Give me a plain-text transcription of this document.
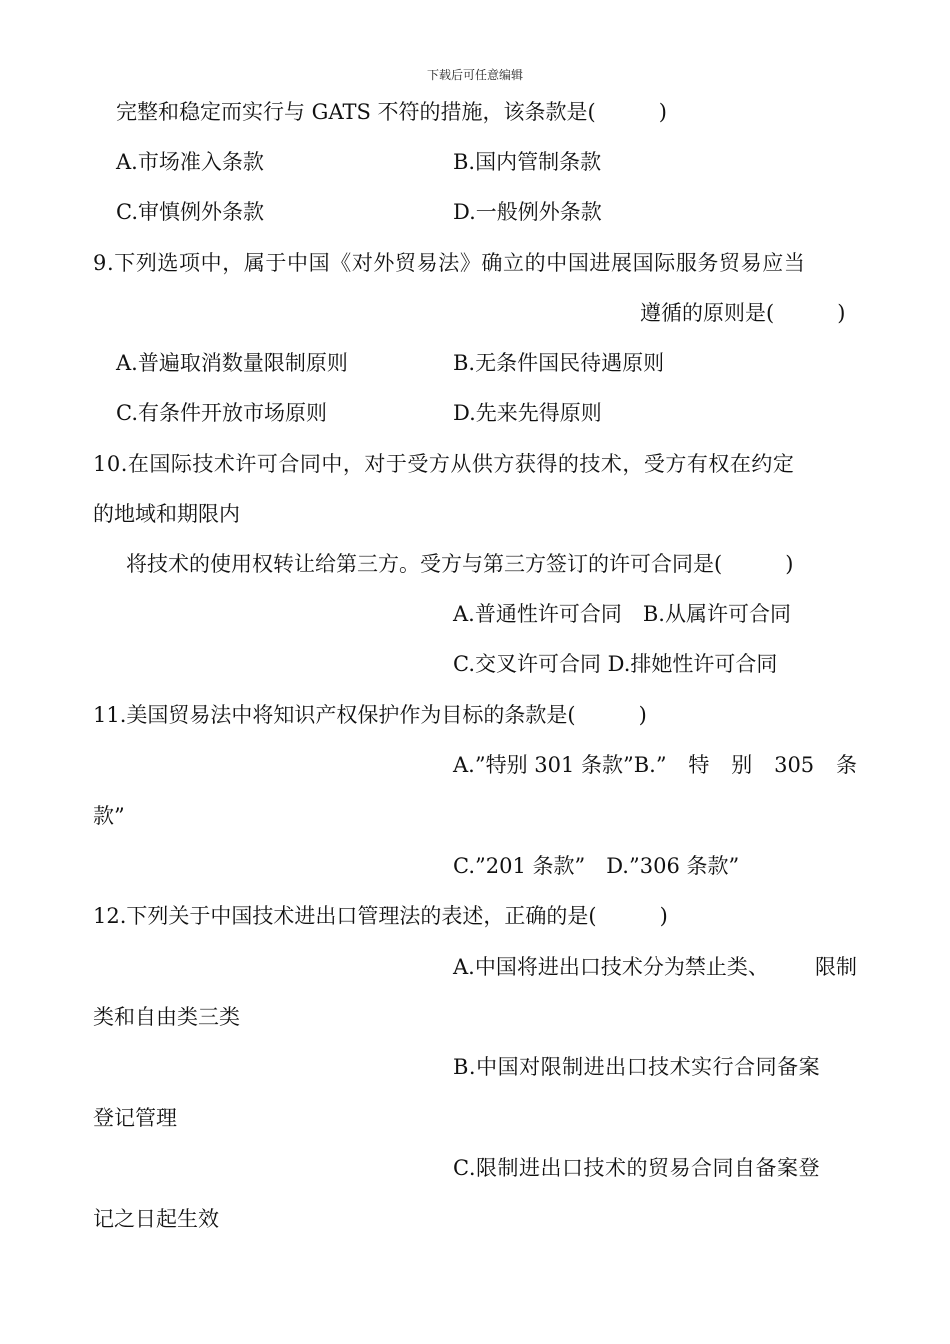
下载后可任意编辑
完整和稳定而实行与 GATS 不符的措施，该条款是(　　　)
A.市场准入条款	B.国内管制条款
C.审慎例外条款	D.一般例外条款
9.下列选项中，属于中国《对外贸易法》确立的中国进展国际服务贸易应当
遵循的原则是(　　　)
A.普遍取消数量限制原则	B.无条件国民待遇原则
C.有条件开放市场原则	D.先来先得原则
10.在国际技术许可合同中，对于受方从供方获得的技术，受方有权在约定
的地域和期限内
将技术的使用权转让给第三方。受方与第三方签订的许可合同是(　　　)
A.普通性许可合同　B.从属许可合同
C.交叉许可合同 D.排她性许可合同
11.美国贸易法中将知识产权保护作为目标的条款是(　　　)
A.”特别 301 条款”B.” 特 别 305 条
款”
C.”201 条款”　D.”306 条款”
12.下列关于中国技术进出口管理法的表述，正确的是(　　　)
A.中国将进出口技术分为禁止类、 限制
类和自由类三类
B.中国对限制进出口技术实行合同备案
登记管理
C.限制进出口技术的贸易合同自备案登
记之日起生效
